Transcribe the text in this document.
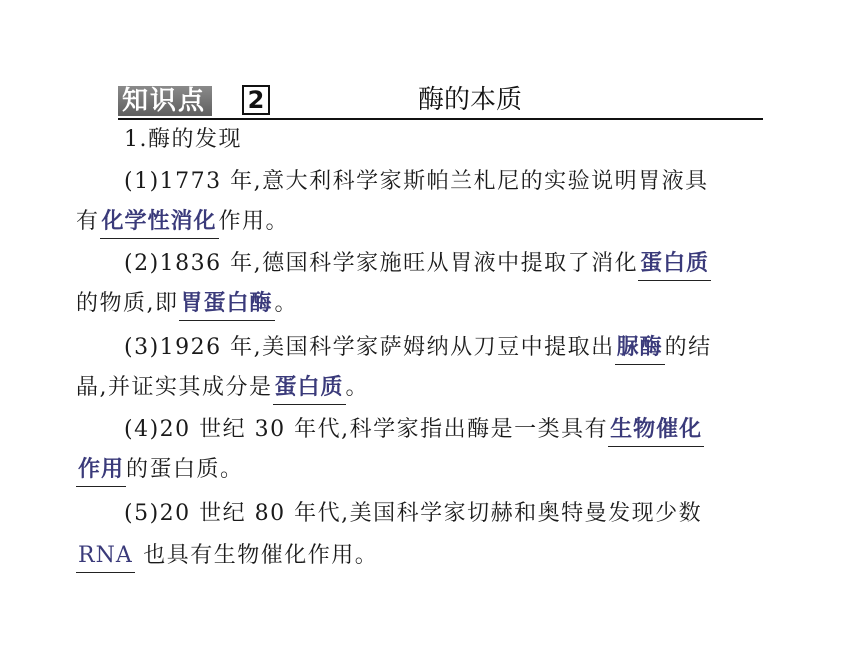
知识点 2	酶的本质
1.酶的发现
(1)1773 年,意大利科学家斯帕兰札尼的实验说明胃液具
有化学性消化作用。
(2)1836 年,德国科学家施旺从胃液中提取了消化蛋白质
的物质,即胃蛋白酶。
(3)1926 年,美国科学家萨姆纳从刀豆中提取出脲酶的结
晶,并证实其成分是蛋白质。
(4)20 世纪 30 年代,科学家指出酶是一类具有生物催化
作用的蛋白质。
(5)20 世纪 80 年代,美国科学家切赫和奥特曼发现少数
RNA 也具有生物催化作用。
